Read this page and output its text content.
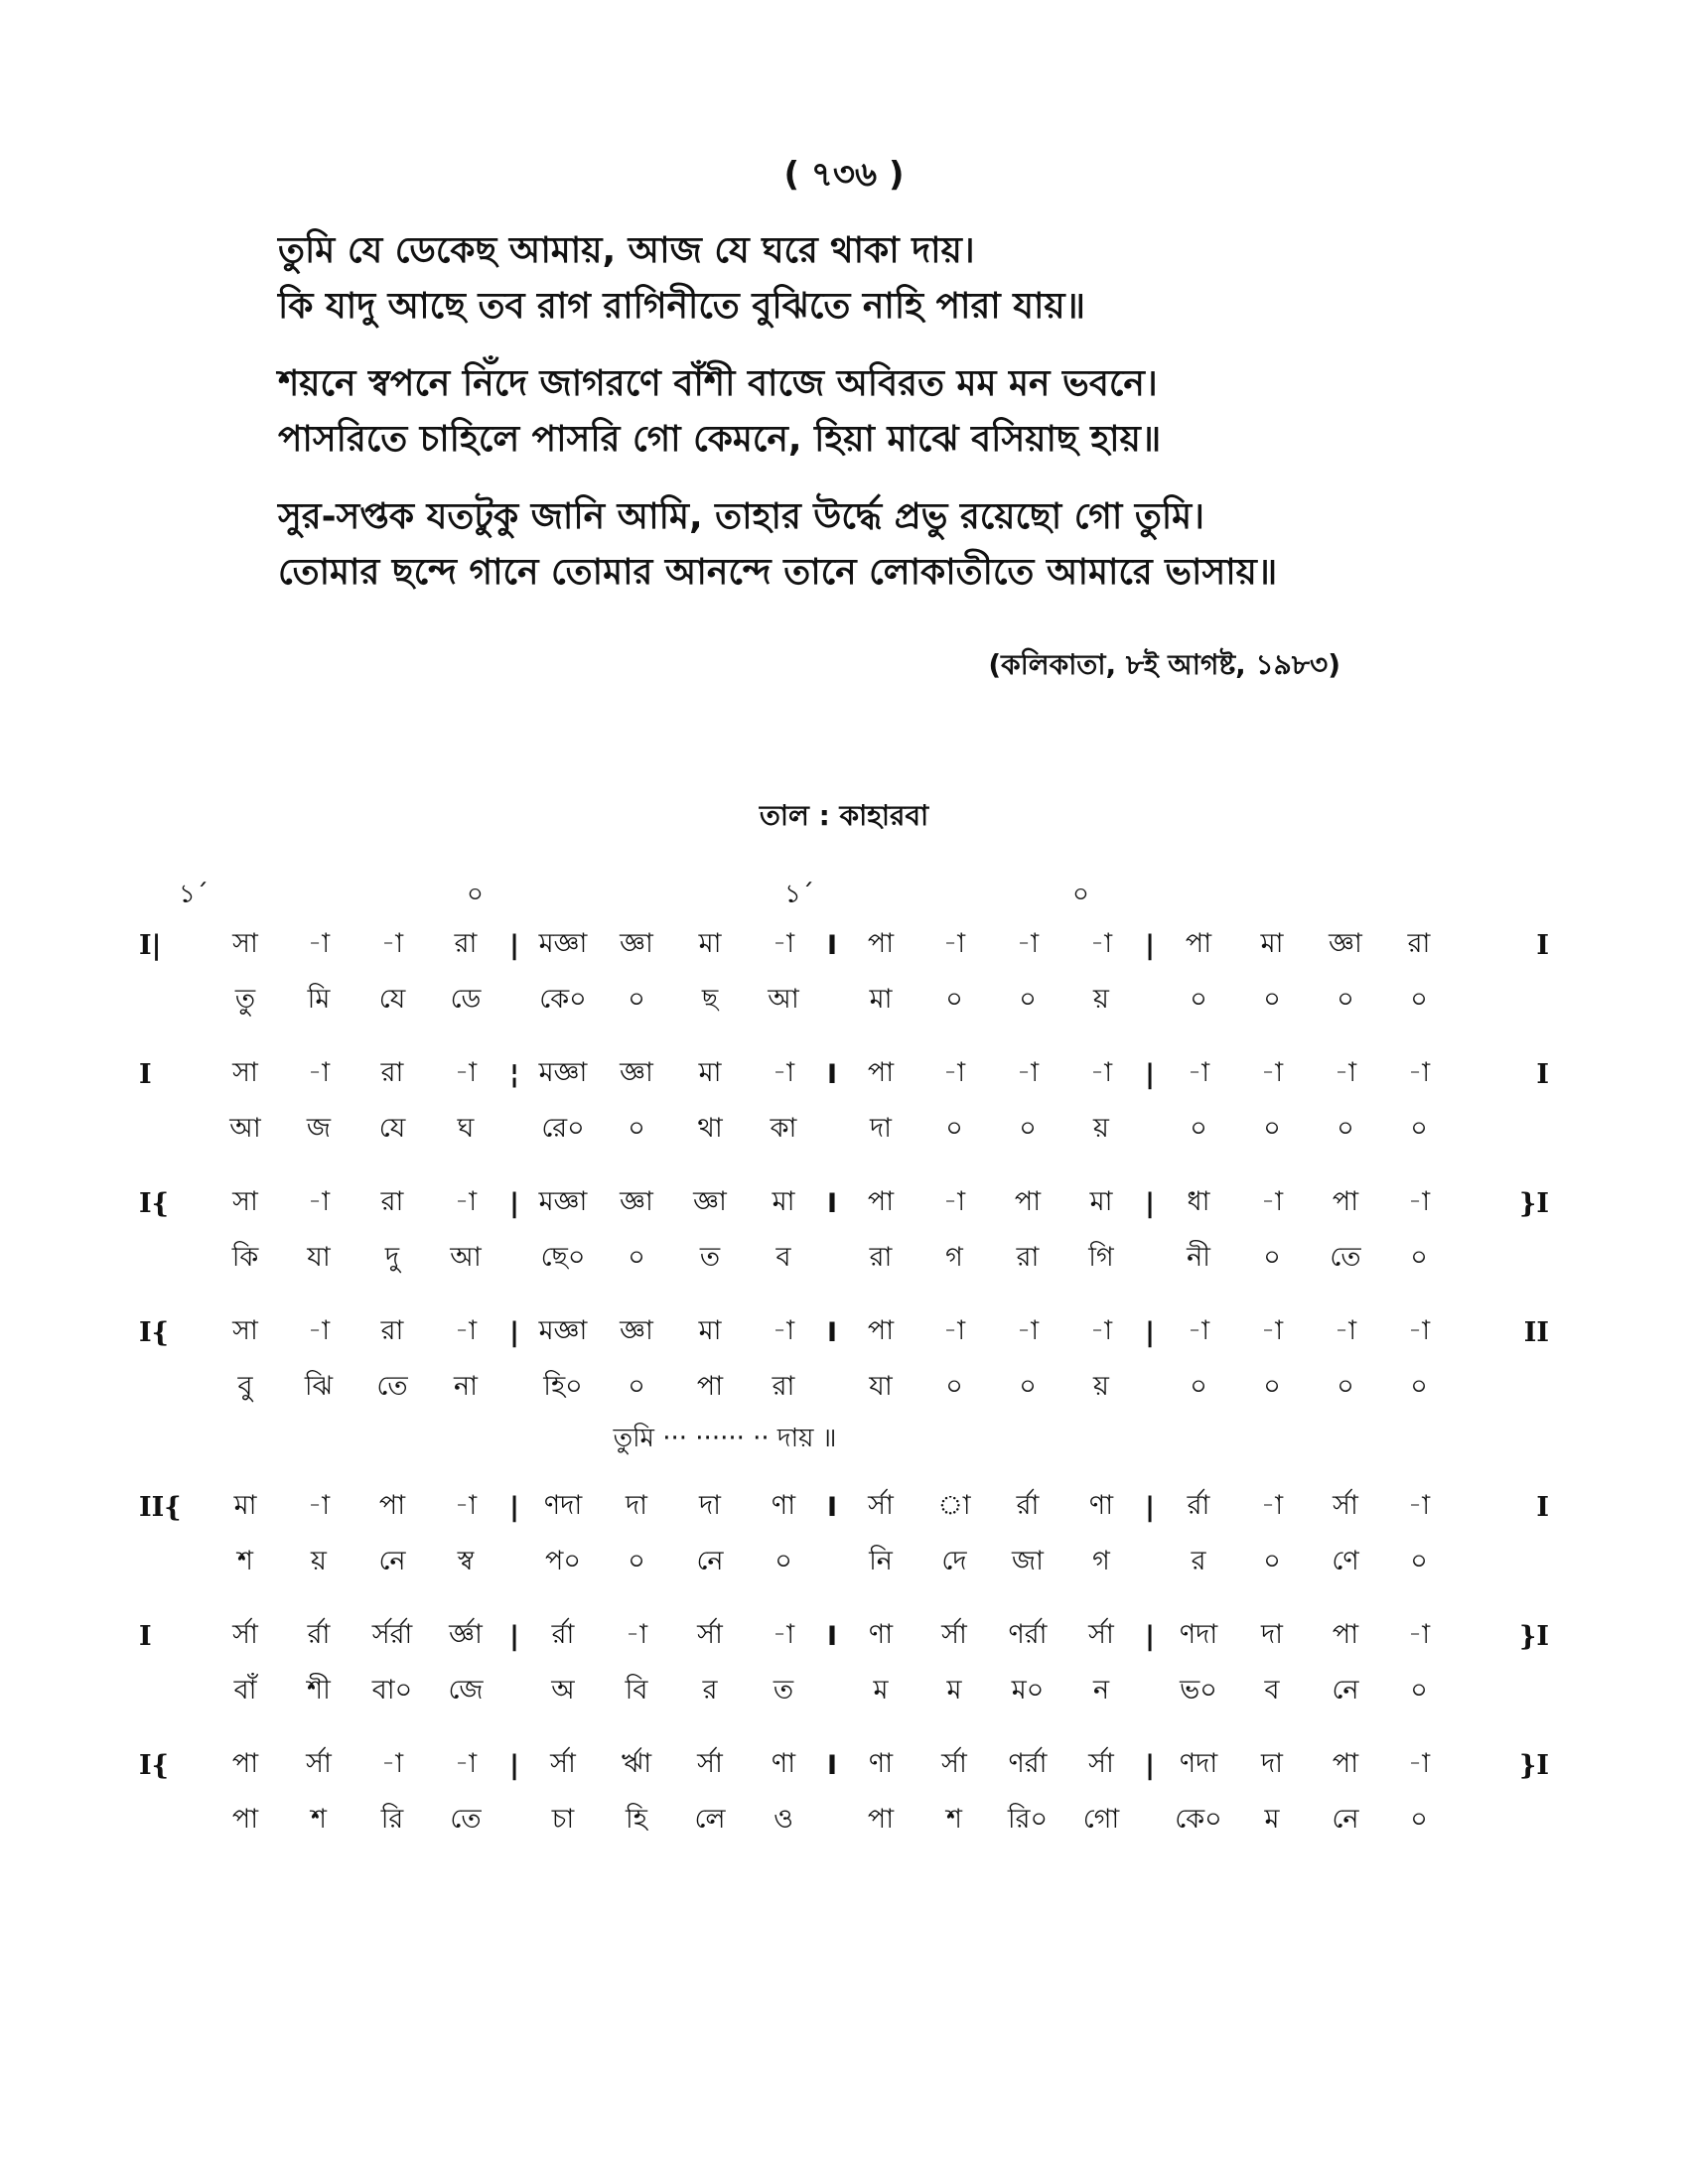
( ৭৩৬ )
তুমি যে ডেকেছ আমায়, আজ যে ঘরে থাকা দায়।
কি যাদু আছে তব রাগ রাগিনীতে বুঝিতে নাহি পারা যায়॥
শয়নে স্বপনে নিঁদে জাগরণে বাঁশী বাজে অবিরত মম মন ভবনে।
পাসরিতে চাহিলে পাসরি গো কেমনে, হিয়া মাঝে বসিয়াছ হায়॥
সুর-সপ্তক যতটুকু জানি আমি, তাহার উর্দ্ধে প্রভু রয়েছো গো তুমি।
তোমার ছন্দে গানে তোমার আনন্দে তানে লোকাতীতে আমারে ভাসায়॥
(কলিকাতা, ৮ই আগষ্ট, ১৯৮৩)
তাল : কাহারবা
১´	০	১´	০
I|	সা	-া	-া	রা	| মজ্ঞা	জ্ঞা	মা	-া	I	পা	-া	-া	-া	|	পা	মা	জ্ঞা	রা	I
তু	মি	যে	ডে	কে০	০	ছ	আ	মা	০	০	য়	০	০	০	০
I	সা	-া	রা	-া	¦ মজ্ঞা	জ্ঞা	মা	-া	I	পা	-া	-া	-া	|	-া	-া	-া	-া	I
আ	জ	যে	ঘ	রে০	০	থা	কা	দা	০	০	য়	০	০	০	০
I{	সা	-া	রা	-া	| মজ্ঞা	জ্ঞা	জ্ঞা	মা	I	পা	-া	পা	মা	|	ধা	-া	পা	-া	}I
কি	যা	দু	আ	ছে০	০	ত	ব	রা	গ	রা	গি	নী	০	তে	০
I{	সা	-া	রা	-া	| মজ্ঞা	জ্ঞা	মা	-া	I	পা	-া	-া	-া	|	-া	-া	-া	-া	II
বু	ঝি	তে	না	হি০	০	পা	রা	যা	০	০	য়	০	০	০	০
তুমি ··· ······ ·· দায় ॥
II{	মা	-া	পা	-া	| ণদা	দা	দা	ণা	I	র্সা	া	র্রা	ণা	|	র্রা	-া	র্সা	-া	I
শ	য়	নে	স্ব	প০	০	নে	০	নি	দে	জা	গ	র	০	ণে	০
I	র্সা	র্রা	র্সর্রা	র্জ্ঞা	|	র্রা	-া	র্সা	-া	I	ণা	র্সা	ণর্রা	র্সা	| ণদা	দা	পা	-া	}I
বাঁ	শী	বা০	জে	অ	বি	র	ত	ম	ম	ম০	ন	ভ০	ব	নে	০
I{	পা	র্সা	-া	-া	|	র্সা	র্ঋা	র্সা	ণা	I	ণা	র্সা	ণর্রা	র্সা	| ণদা	দা	পা	-া	}I
পা	শ	রি	তে	চা	হি	লে	ও	পা	শ	রি০	গো	কে০	ম	নে	০
